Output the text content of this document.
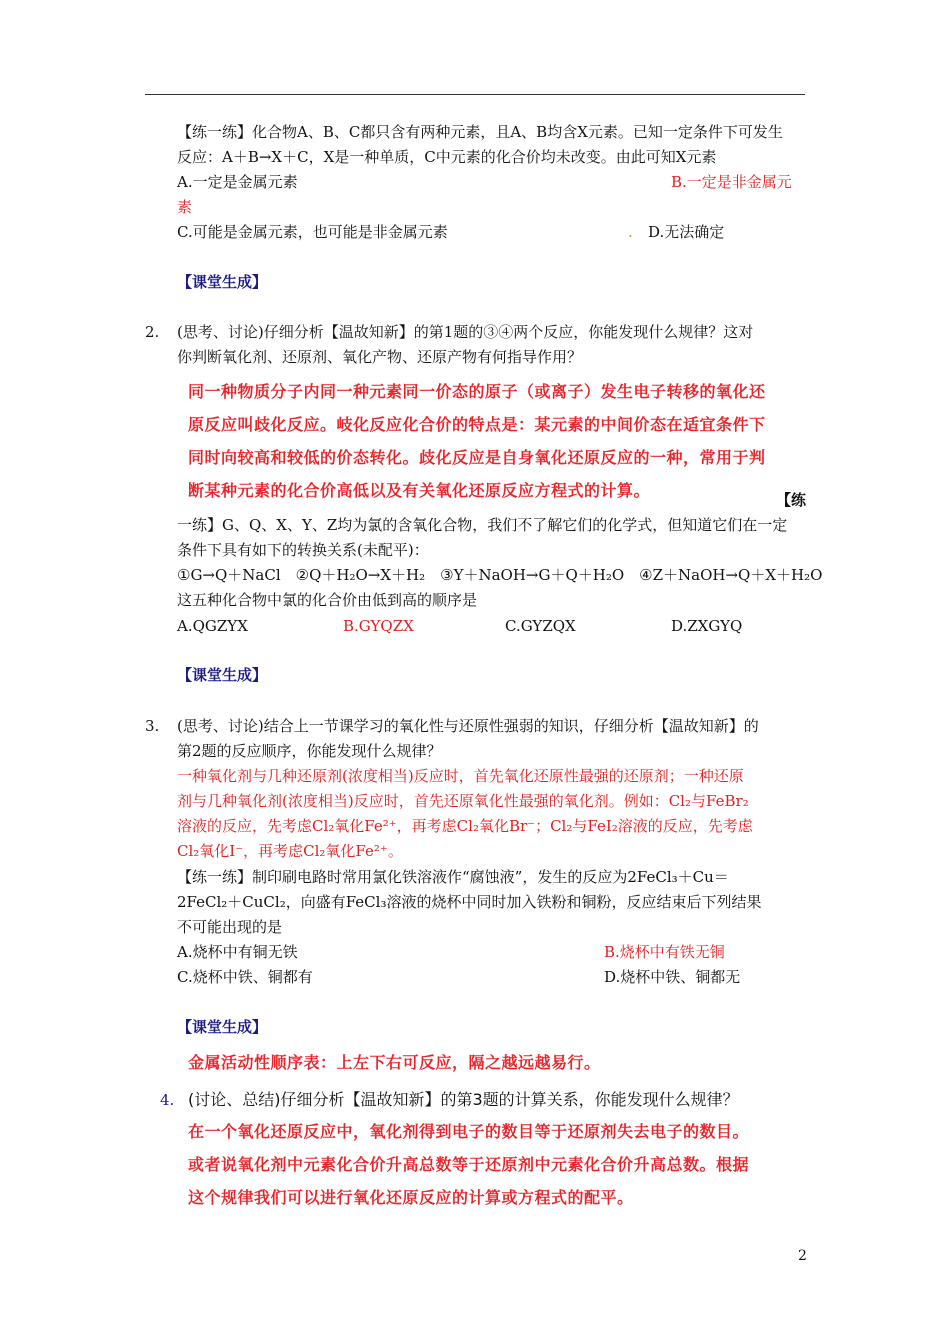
【练一练】化合物A、B、C都只含有两种元素，且A、B均含X元素。已知一定条件下可发生
反应：A＋B→X＋C，X是一种单质，C中元素的化合价均未改变。由此可知X元素
A.一定是金属元素	B.一定是非金属元
素
C.可能是金属元素，也可能是非金属元素	. D.无法确定
【课堂生成】
2. (思考、讨论)仔细分析【温故知新】的第1题的③④两个反应，你能发现什么规律？这对
你判断氧化剂、还原剂、氧化产物、还原产物有何指导作用？
同一种物质分子内同一种元素同一价态的原子（或离子）发生电子转移的氧化还
原反应叫歧化反应。岐化反应化合价的特点是：某元素的中间价态在适宜条件下
同时向较高和较低的价态转化。歧化反应是自身氧化还原反应的一种，常用于判
断某种元素的化合价高低以及有关氧化还原反应方程式的计算。	【练
一练】G、Q、X、Y、Z均为氯的含氧化合物，我们不了解它们的化学式，但知道它们在一定
条件下具有如下的转换关系(未配平)：
①G→Q＋NaCl　②Q＋H₂O→X＋H₂　③Y＋NaOH→G＋Q＋H₂O　④Z＋NaOH→Q＋X＋H₂O
这五种化合物中氯的化合价由低到高的顺序是
A.QGZYX	B.GYQZX	C.GYZQX	D.ZXGYQ
【课堂生成】
3. (思考、讨论)结合上一节课学习的氧化性与还原性强弱的知识，仔细分析【温故知新】的
第2题的反应顺序，你能发现什么规律？
一种氧化剂与几种还原剂(浓度相当)反应时，首先氧化还原性最强的还原剂；一种还原
剂与几种氧化剂(浓度相当)反应时，首先还原氧化性最强的氧化剂。例如：Cl₂与FeBr₂
溶液的反应，先考虑Cl₂氧化Fe²⁺，再考虑Cl₂氧化Br⁻；Cl₂与FeI₂溶液的反应，先考虑
Cl₂氧化I⁻，再考虑Cl₂氧化Fe²⁺。
【练一练】制印刷电路时常用氯化铁溶液作“腐蚀液”，发生的反应为2FeCl₃＋Cu＝
2FeCl₂＋CuCl₂，向盛有FeCl₃溶液的烧杯中同时加入铁粉和铜粉，反应结束后下列结果
不可能出现的是
A.烧杯中有铜无铁	B.烧杯中有铁无铜
C.烧杯中铁、铜都有	D.烧杯中铁、铜都无
【课堂生成】
金属活动性顺序表：上左下右可反应，隔之越远越易行。
4. (讨论、总结)仔细分析【温故知新】的第3题的计算关系，你能发现什么规律？
在一个氧化还原反应中，氧化剂得到电子的数目等于还原剂失去电子的数目。
或者说氧化剂中元素化合价升高总数等于还原剂中元素化合价升高总数。根据
这个规律我们可以进行氧化还原反应的计算或方程式的配平。
2
